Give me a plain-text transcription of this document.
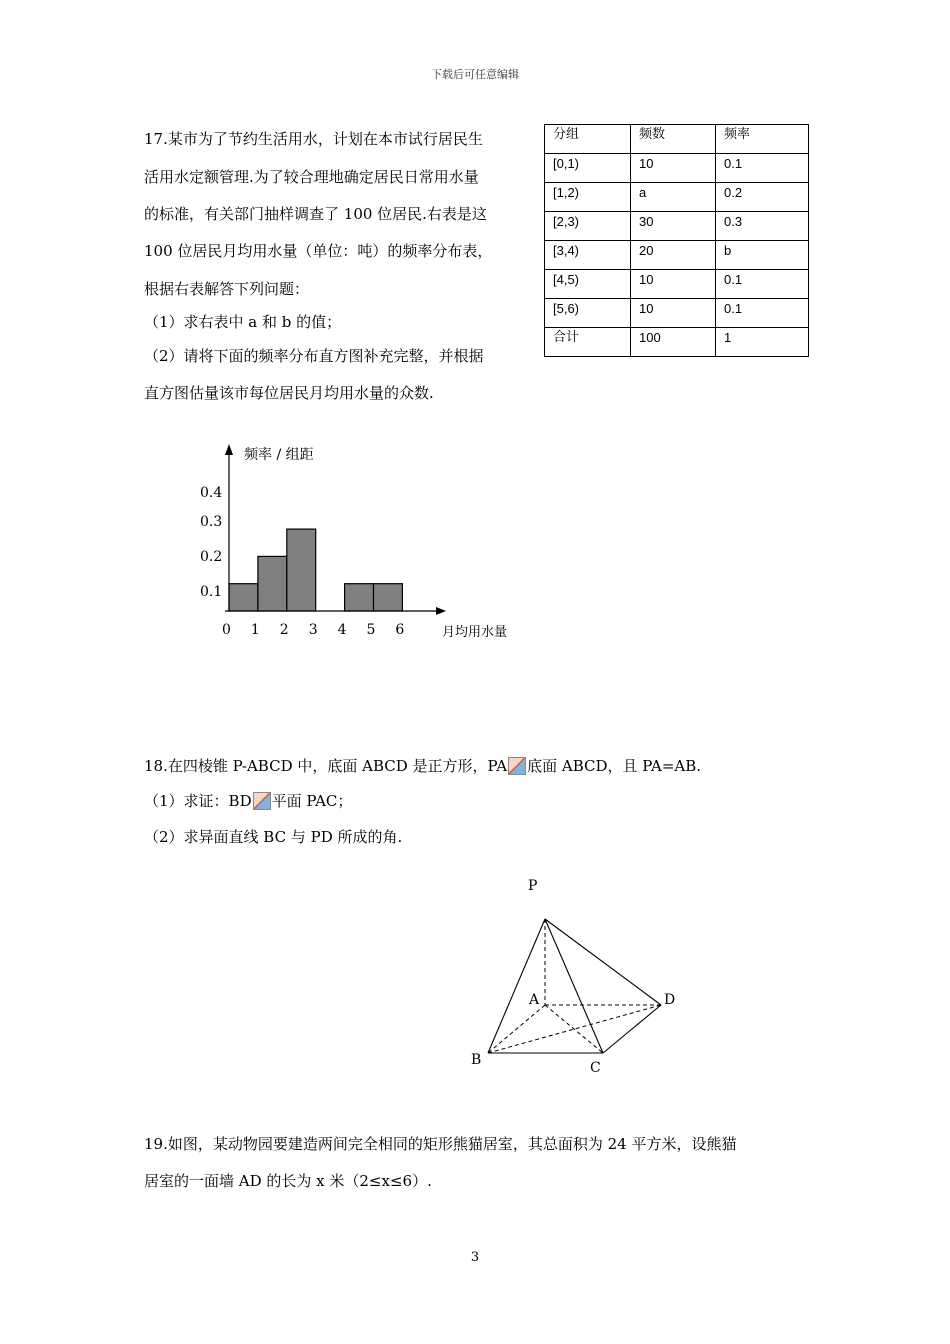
下载后可任意编辑
17.某市为了节约生活用水，计划在本市试行居民生
活用水定额管理.为了较合理地确定居民日常用水量
的标准，有关部门抽样调查了 100 位居民.右表是这
100 位居民月均用水量（单位：吨）的频率分布表，
根据右表解答下列问题：
（1）求右表中 a 和 b 的值；
（2）请将下面的频率分布直方图补充完整，并根据
直方图估量该市每位居民月均用水量的众数.
分组	频数	频率
[0,1)	10	0.1
[1,2)	a	0.2
[2,3)	30	0.3
[3,4)	20	b
[4,5)	10	0.1
[5,6)	10	0.1
合计	100	1
频率 / 组距
月均用水量
0.4
0.3
0.2
0.1
0 1 2 3 4 5 6
18.在四棱锥 P-ABCD 中，底面 ABCD 是正方形，PA 底面 ABCD，且 PA=AB.
（1）求证：BD 平面 PAC；
（2）求异面直线 BC 与 PD 所成的角.
P
A	D
B	C
19.如图，某动物园要建造两间完全相同的矩形熊猫居室，其总面积为 24 平方米，设熊猫
居室的一面墙 AD 的长为 x 米（2≤x≤6）.
3
